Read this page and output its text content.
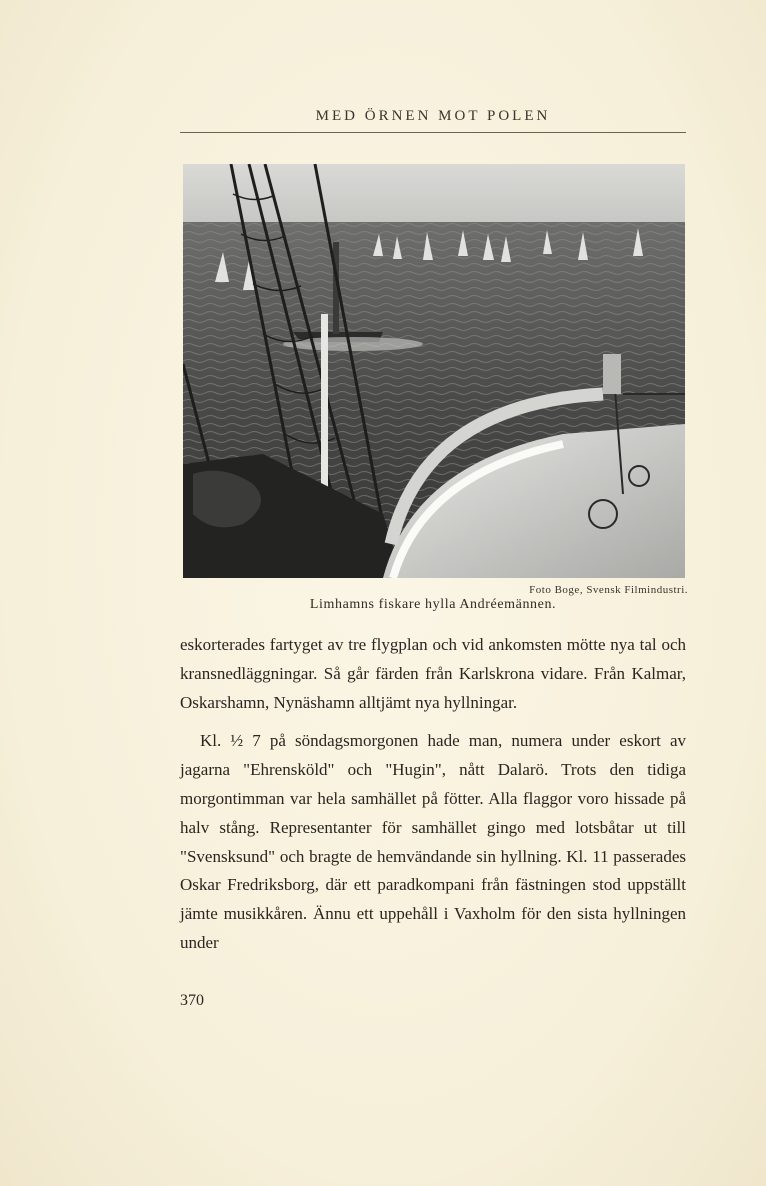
MED ÖRNEN MOT POLEN
Foto Boge, Svensk Filmindustri.
Limhamns fiskare hylla Andréemännen.

eskorterades fartyget av tre flygplan och vid ankomsten mötte nya tal och kransnedläggningar. Så går färden från Karlskrona vidare. Från Kalmar, Oskarshamn, Nynäshamn alltjämt nya hyllningar.

Kl. ½ 7 på söndagsmorgonen hade man, numera under eskort av jagarna "Ehrensköld" och "Hugin", nått Dalarö. Trots den tidiga morgontimman var hela samhället på fötter. Alla flaggor voro hissade på halv stång. Representanter för samhället gingo med lotsbåtar ut till "Svensksund" och bragte de hemvändande sin hyllning. Kl. 11 passerades Oskar Fredriksborg, där ett paradkompani från fästningen stod uppställt jämte musikkåren. Ännu ett uppehåll i Vaxholm för den sista hyllningen under

370
